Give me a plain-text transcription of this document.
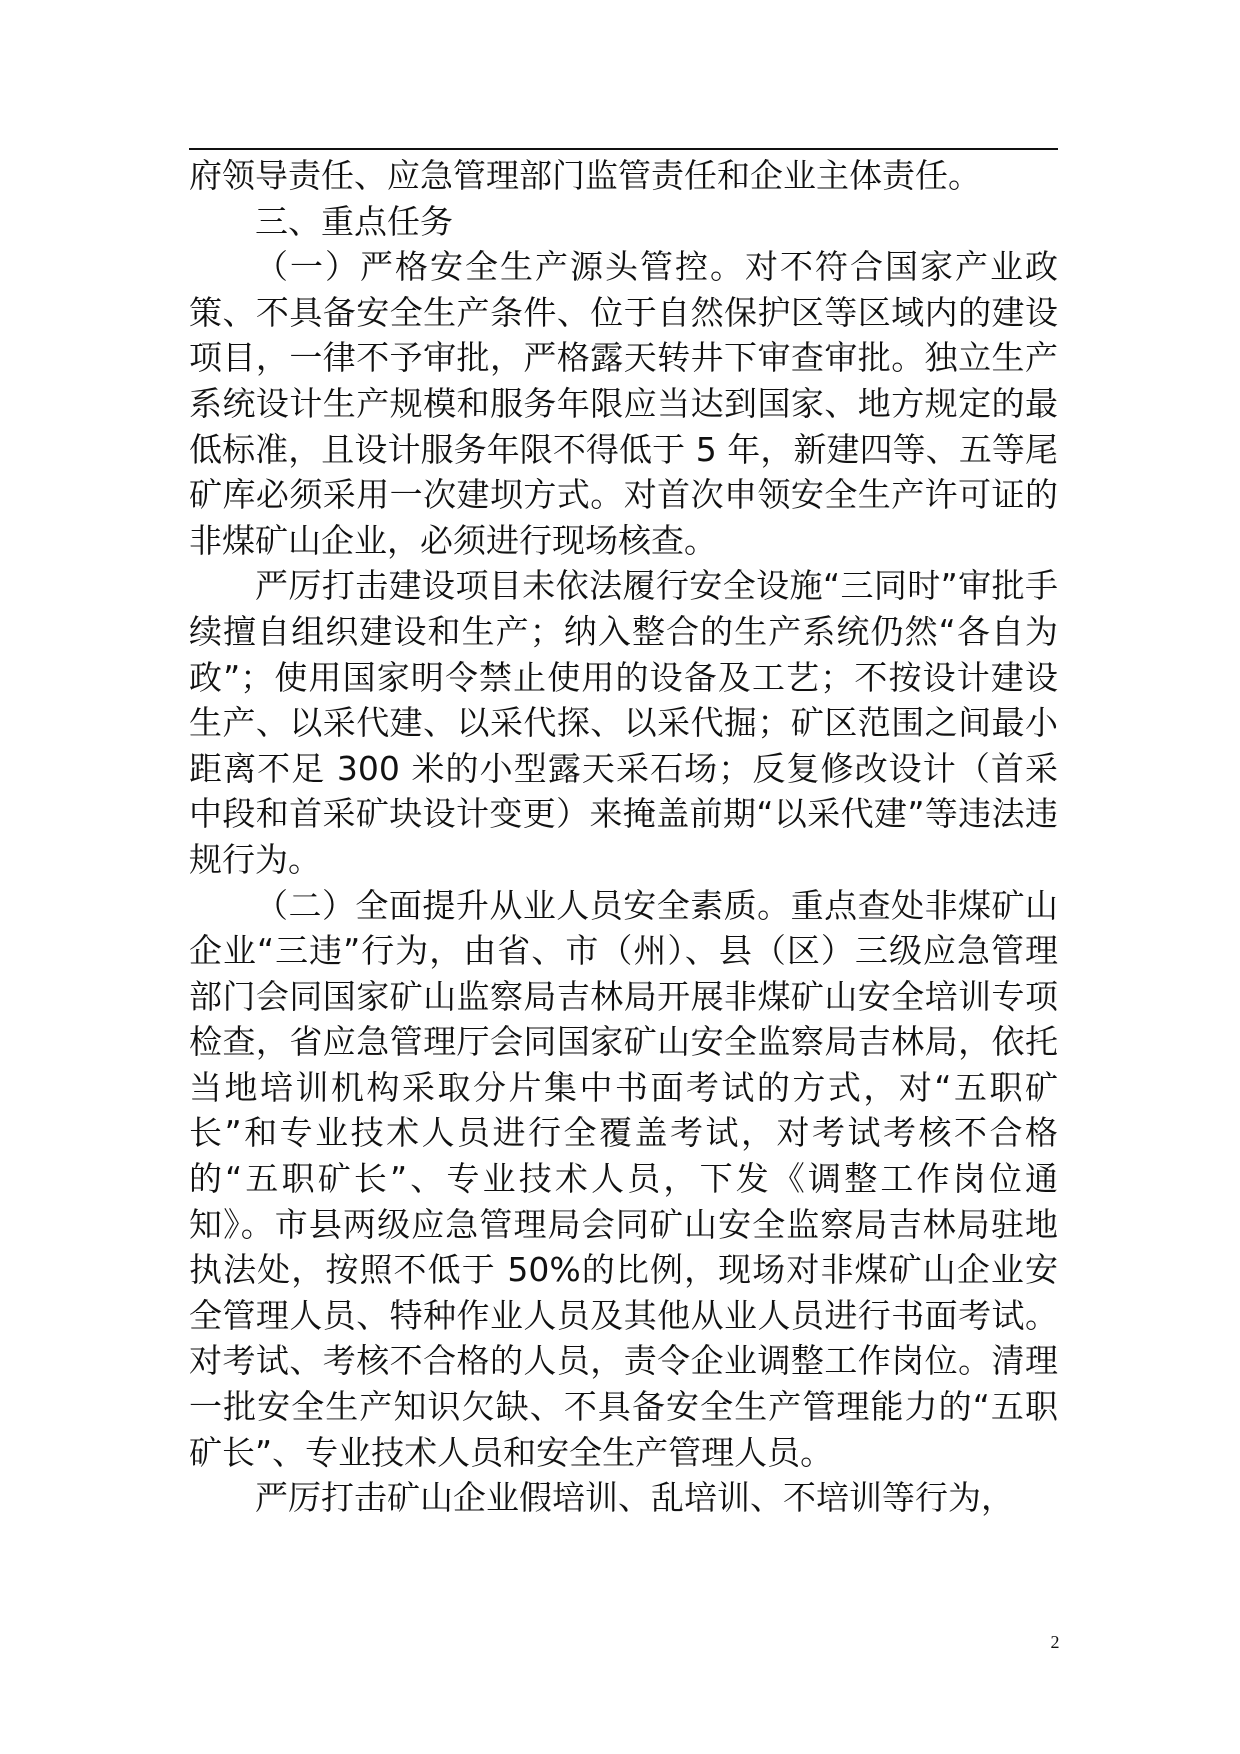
府领导责任、应急管理部门监管责任和企业主体责任。

三、重点任务

（一）严格安全生产源头管控。对不符合国家产业政策、不具备安全生产条件、位于自然保护区等区域内的建设项目，一律不予审批，严格露天转井下审查审批。独立生产系统设计生产规模和服务年限应当达到国家、地方规定的最低标准，且设计服务年限不得低于 5 年，新建四等、五等尾矿库必须采用一次建坝方式。对首次申领安全生产许可证的非煤矿山企业，必须进行现场核查。

严厉打击建设项目未依法履行安全设施“三同时”审批手续擅自组织建设和生产；纳入整合的生产系统仍然“各自为政”；使用国家明令禁止使用的设备及工艺；不按设计建设生产、以采代建、以采代探、以采代掘；矿区范围之间最小距离不足 300 米的小型露天采石场；反复修改设计（首采中段和首采矿块设计变更）来掩盖前期“以采代建”等违法违规行为。

（二）全面提升从业人员安全素质。重点查处非煤矿山企业“三违”行为，由省、市（州）、县（区）三级应急管理部门会同国家矿山监察局吉林局开展非煤矿山安全培训专项检查，省应急管理厅会同国家矿山安全监察局吉林局，依托当地培训机构采取分片集中书面考试的方式，对“五职矿长”和专业技术人员进行全覆盖考试，对考试考核不合格的“五职矿长”、专业技术人员，下发《调整工作岗位通知》。市县两级应急管理局会同矿山安全监察局吉林局驻地执法处，按照不低于 50%的比例，现场对非煤矿山企业安全管理人员、特种作业人员及其他从业人员进行书面考试。对考试、考核不合格的人员，责令企业调整工作岗位。清理一批安全生产知识欠缺、不具备安全生产管理能力的“五职矿长”、专业技术人员和安全生产管理人员。

严厉打击矿山企业假培训、乱培训、不培训等行为，

2
